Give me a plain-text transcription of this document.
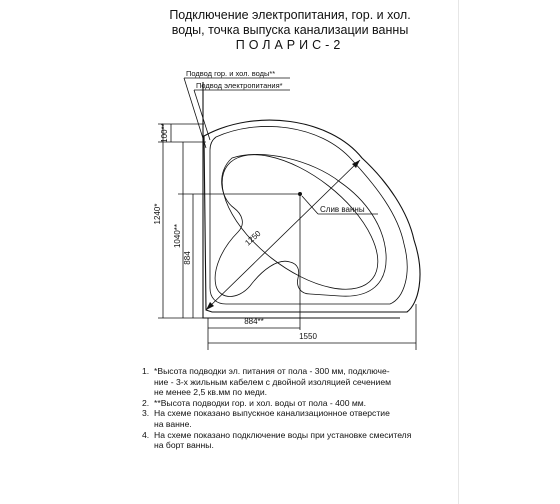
Подключение электропитания, гор. и хол.
воды, точка выпуска канализации ванны
ПОЛАРИС-2
1250
1240*
100**
1040**
884
884**
1550
Слив ванны
Подвод гор. и хол. воды**
Подвод электропитания*
1. *Высота подводки эл. питания от пола - 300 мм, подключе-
ние - 3-х жильным кабелем с двойной изоляцией сечением
не менее 2,5 кв.мм по меди.
2. **Высота подводки гор. и хол. воды от пола - 400 мм.
3. На схеме показано выпускное канализационное отверстие
на ванне.
4. На схеме показано подключение воды при установке смесителя
на борт ванны.
